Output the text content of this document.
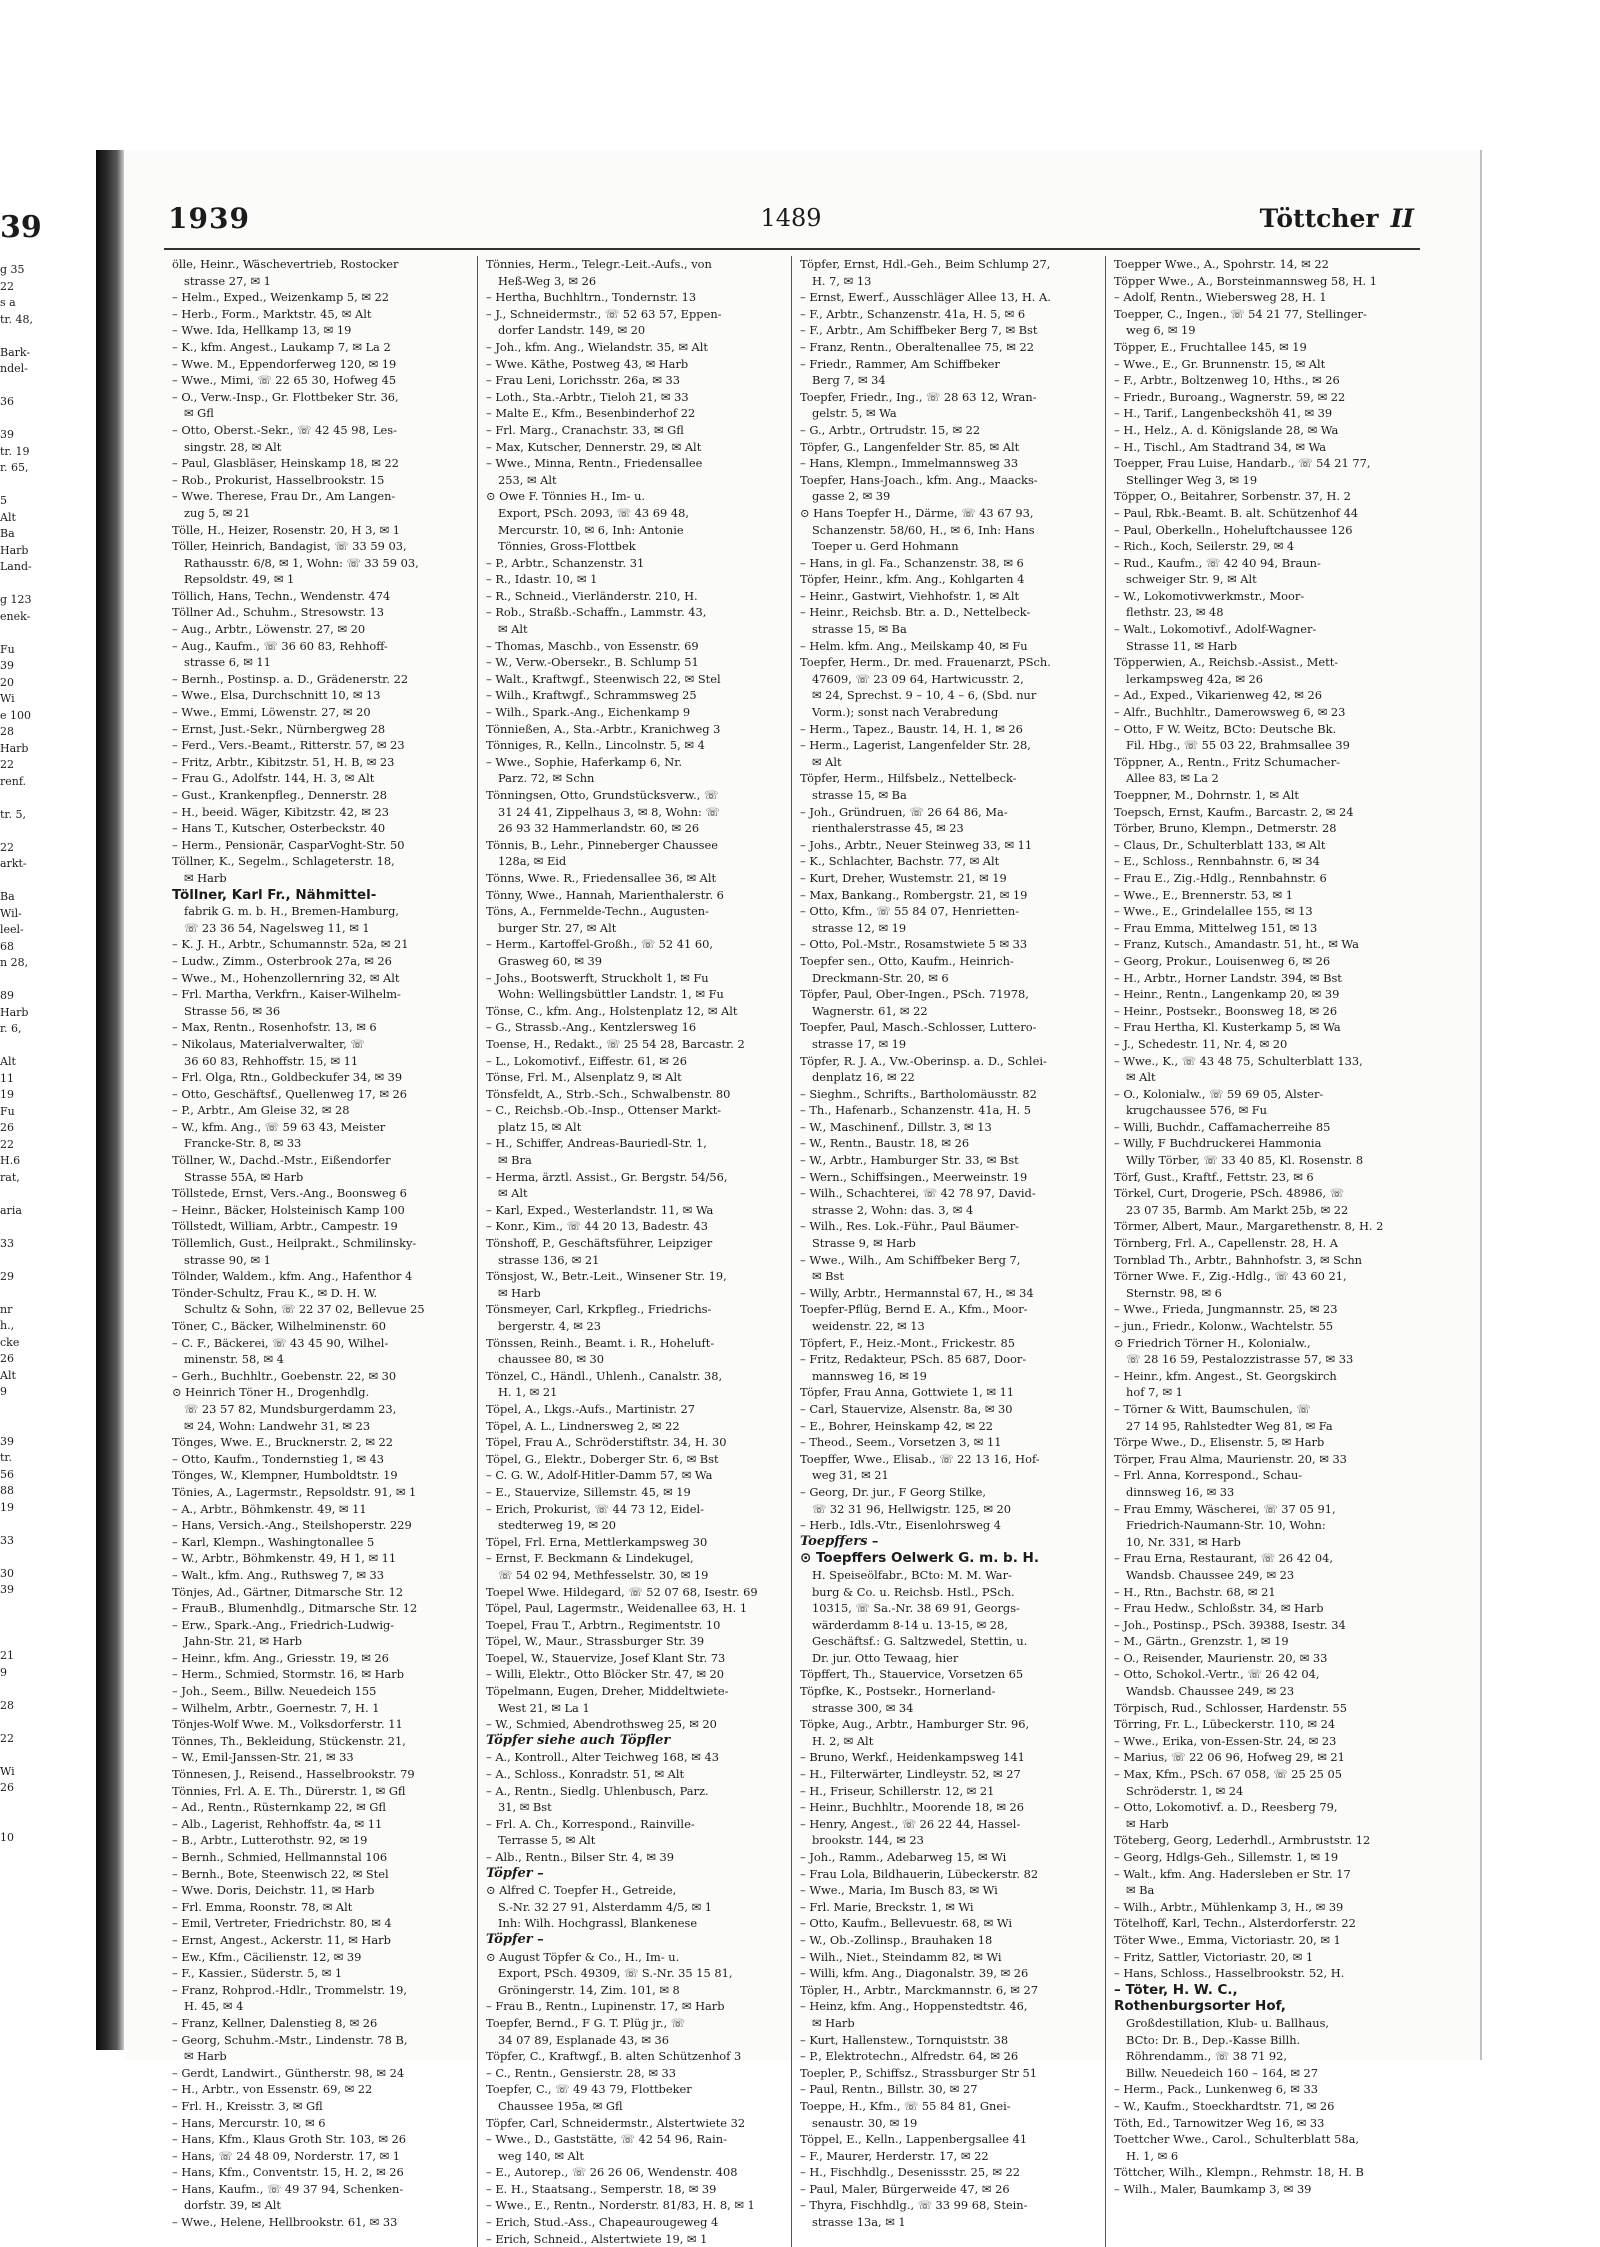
39
g 35
22
s a
tr. 48,
Bark-
ndel-
36
39
tr. 19
r. 65,
5
Alt
Ba
Harb
Land-
g 123
enek-
Fu
39
20
Wi
e 100
28
Harb
22
renf.
tr. 5,
22
arkt-
Ba
Wil-
leel-
68
n 28,
89
Harb
r. 6,
Alt
11
19
Fu
26
22
H.6
rat,
aria
33
29
nr
h.,
cke
26
Alt
9
39
tr.
56
88
19
33
30
39
21
9
28
22
Wi
26
10
1939	1489	Töttcher II
ölle, Heinr., Wäschevertrieb, Rostocker
strasse 27, ✉ 1
– Helm., Exped., Weizenkamp 5, ✉ 22
– Herb., Form., Marktstr. 45, ✉ Alt
– Wwe. Ida, Hellkamp 13, ✉ 19
– K., kfm. Angest., Laukamp 7, ✉ La 2
– Wwe. M., Eppendorferweg 120, ✉ 19
– Wwe., Mimi, ☏ 22 65 30, Hofweg 45
– O., Verw.-Insp., Gr. Flottbeker Str. 36,
✉ Gfl
– Otto, Oberst.-Sekr., ☏ 42 45 98, Les-
singstr. 28, ✉ Alt
– Paul, Glasbläser, Heinskamp 18, ✉ 22
– Rob., Prokurist, Hasselbrookstr. 15
– Wwe. Therese, Frau Dr., Am Langen-
zug 5, ✉ 21
Tölle, H., Heizer, Rosenstr. 20, H 3, ✉ 1
Töller, Heinrich, Bandagist, ☏ 33 59 03,
Rathausstr. 6/8, ✉ 1, Wohn: ☏ 33 59 03,
Repsoldstr. 49, ✉ 1
Töllich, Hans, Techn., Wendenstr. 474
Töllner Ad., Schuhm., Stresowstr. 13
– Aug., Arbtr., Löwenstr. 27, ✉ 20
– Aug., Kaufm., ☏ 36 60 83, Rehhoff-
strasse 6, ✉ 11
– Bernh., Postinsp. a. D., Grädenerstr. 22
– Wwe., Elsa, Durchschnitt 10, ✉ 13
– Wwe., Emmi, Löwenstr. 27, ✉ 20
– Ernst, Just.-Sekr., Nürnbergweg 28
– Ferd., Vers.-Beamt., Ritterstr. 57, ✉ 23
– Fritz, Arbtr., Kibitzstr. 51, H. B, ✉ 23
– Frau G., Adolfstr. 144, H. 3, ✉ Alt
– Gust., Krankenpfleg., Dennerstr. 28
– H., beeid. Wäger, Kibitzstr. 42, ✉ 23
– Hans T., Kutscher, Osterbeckstr. 40
– Herm., Pensionär, CasparVoght-Str. 50
Töllner, K., Segelm., Schlageterstr. 18,
✉ Harb
Töllner, Karl Fr., Nähmittel-
fabrik G. m. b. H., Bremen-Hamburg,
☏ 23 36 54, Nagelsweg 11, ✉ 1
– K. J. H., Arbtr., Schumannstr. 52a, ✉ 21
– Ludw., Zimm., Osterbrook 27a, ✉ 26
– Wwe., M., Hohenzollernring 32, ✉ Alt
– Frl. Martha, Verkfrn., Kaiser-Wilhelm-
Strasse 56, ✉ 36
– Max, Rentn., Rosenhofstr. 13, ✉ 6
– Nikolaus, Materialverwalter, ☏
36 60 83, Rehhoffstr. 15, ✉ 11
– Frl. Olga, Rtn., Goldbeckufer 34, ✉ 39
– Otto, Geschäftsf., Quellenweg 17, ✉ 26
– P., Arbtr., Am Gleise 32, ✉ 28
– W., kfm. Ang., ☏ 59 63 43, Meister
Francke-Str. 8, ✉ 33
Töllner, W., Dachd.-Mstr., Eißendorfer
Strasse 55A, ✉ Harb
Töllstede, Ernst, Vers.-Ang., Boonsweg 6
– Heinr., Bäcker, Holsteinisch Kamp 100
Töllstedt, William, Arbtr., Campestr. 19
Töllemlich, Gust., Heilprakt., Schmilinsky-
strasse 90, ✉ 1
Tölnder, Waldem., kfm. Ang., Hafenthor 4
Tönder-Schultz, Frau K., ✉ D. H. W.
Schultz & Sohn, ☏ 22 37 02, Bellevue 25
Töner, C., Bäcker, Wilhelminenstr. 60
– C. F., Bäckerei, ☏ 43 45 90, Wilhel-
minenstr. 58, ✉ 4
– Gerh., Buchhltr., Goebenstr. 22, ✉ 30
⊙ Heinrich Töner H., Drogenhdlg.
☏ 23 57 82, Mundsburgerdamm 23,
✉ 24, Wohn: Landwehr 31, ✉ 23
Tönges, Wwe. E., Brucknerstr. 2, ✉ 22
– Otto, Kaufm., Tondernstieg 1, ✉ 43
Tönges, W., Klempner, Humboldtstr. 19
Tönies, A., Lagermstr., Repsoldstr. 91, ✉ 1
– A., Arbtr., Böhmkenstr. 49, ✉ 11
– Hans, Versich.-Ang., Steilshoperstr. 229
– Karl, Klempn., Washingtonallee 5
– W., Arbtr., Böhmkenstr. 49, H 1, ✉ 11
– Walt., kfm. Ang., Ruthsweg 7, ✉ 33
Tönjes, Ad., Gärtner, Ditmarsche Str. 12
– FrauB., Blumenhdlg., Ditmarsche Str. 12
– Erw., Spark.-Ang., Friedrich-Ludwig-
Jahn-Str. 21, ✉ Harb
– Heinr., kfm. Ang., Griesstr. 19, ✉ 26
– Herm., Schmied, Stormstr. 16, ✉ Harb
– Joh., Seem., Billw. Neuedeich 155
– Wilhelm, Arbtr., Goernestr. 7, H. 1
Tönjes-Wolf Wwe. M., Volksdorferstr. 11
Tönnes, Th., Bekleidung, Stückenstr. 21,
– W., Emil-Janssen-Str. 21, ✉ 33
Tönnesen, J., Reisend., Hasselbrookstr. 79
Tönnies, Frl. A. E. Th., Dürerstr. 1, ✉ Gfl
– Ad., Rentn., Rüsternkamp 22, ✉ Gfl
– Alb., Lagerist, Rehhoffstr. 4a, ✉ 11
– B., Arbtr., Lutterothstr. 92, ✉ 19
– Bernh., Schmied, Hellmannstal 106
– Bernh., Bote, Steenwisch 22, ✉ Stel
– Wwe. Doris, Deichstr. 11, ✉ Harb
– Frl. Emma, Roonstr. 78, ✉ Alt
– Emil, Vertreter, Friedrichstr. 80, ✉ 4
– Ernst, Angest., Ackerstr. 11, ✉ Harb
– Ew., Kfm., Cäcilienstr. 12, ✉ 39
– F., Kassier., Süderstr. 5, ✉ 1
– Franz, Rohprod.-Hdlr., Trommelstr. 19,
H. 45, ✉ 4
– Franz, Kellner, Dalenstieg 8, ✉ 26
– Georg, Schuhm.-Mstr., Lindenstr. 78 B,
✉ Harb
– Gerdt, Landwirt., Güntherstr. 98, ✉ 24
– H., Arbtr., von Essenstr. 69, ✉ 22
– Frl. H., Kreisstr. 3, ✉ Gfl
– Hans, Mercurstr. 10, ✉ 6
– Hans, Kfm., Klaus Groth Str. 103, ✉ 26
– Hans, ☏ 24 48 09, Norderstr. 17, ✉ 1
– Hans, Kfm., Conventstr. 15, H. 2, ✉ 26
– Hans, Kaufm., ☏ 49 37 94, Schenken-
dorfstr. 39, ✉ Alt
– Wwe., Helene, Hellbrookstr. 61, ✉ 33
Tönnies, Herm., Telegr.-Leit.-Aufs., von
Heß-Weg 3, ✉ 26
– Hertha, Buchhltrn., Tondernstr. 13
– J., Schneidermstr., ☏ 52 63 57, Eppen-
dorfer Landstr. 149, ✉ 20
– Joh., kfm. Ang., Wielandstr. 35, ✉ Alt
– Wwe. Käthe, Postweg 43, ✉ Harb
– Frau Leni, Lorichsstr. 26a, ✉ 33
– Loth., Sta.-Arbtr., Tieloh 21, ✉ 33
– Malte E., Kfm., Besenbinderhof 22
– Frl. Marg., Cranachstr. 33, ✉ Gfl
– Max, Kutscher, Dennerstr. 29, ✉ Alt
– Wwe., Minna, Rentn., Friedensallee
253, ✉ Alt
⊙ Owe F. Tönnies H., Im- u.
Export, PSch. 2093, ☏ 43 69 48,
Mercurstr. 10, ✉ 6, Inh: Antonie
Tönnies, Gross-Flottbek
– P., Arbtr., Schanzenstr. 31
– R., Idastr. 10, ✉ 1
– R., Schneid., Vierländerstr. 210, H.
– Rob., Straßb.-Schaffn., Lammstr. 43,
✉ Alt
– Thomas, Maschb., von Essenstr. 69
– W., Verw.-Obersekr., B. Schlump 51
– Walt., Kraftwgf., Steenwisch 22, ✉ Stel
– Wilh., Kraftwgf., Schrammsweg 25
– Wilh., Spark.-Ang., Eichenkamp 9
Tönnießen, A., Sta.-Arbtr., Kranichweg 3
Tönniges, R., Kelln., Lincolnstr. 5, ✉ 4
– Wwe., Sophie, Haferkamp 6, Nr.
Parz. 72, ✉ Schn
Tönningsen, Otto, Grundstücksverw., ☏
31 24 41, Zippelhaus 3, ✉ 8, Wohn: ☏
26 93 32 Hammerlandstr. 60, ✉ 26
Tönnis, B., Lehr., Pinneberger Chaussee
128a, ✉ Eid
Tönns, Wwe. R., Friedensallee 36, ✉ Alt
Tönny, Wwe., Hannah, Marienthalerstr. 6
Töns, A., Fernmelde-Techn., Augusten-
burger Str. 27, ✉ Alt
– Herm., Kartoffel-Großh., ☏ 52 41 60,
Grasweg 60, ✉ 39
– Johs., Bootswerft, Struckholt 1, ✉ Fu
Wohn: Wellingsbüttler Landstr. 1, ✉ Fu
Tönse, C., kfm. Ang., Holstenplatz 12, ✉ Alt
– G., Strassb.-Ang., Kentzlersweg 16
Toense, H., Redakt., ☏ 25 54 28, Barcastr. 2
– L., Lokomotivf., Eiffestr. 61, ✉ 26
Tönse, Frl. M., Alsenplatz 9, ✉ Alt
Tönsfeldt, A., Strb.-Sch., Schwalbenstr. 80
– C., Reichsb.-Ob.-Insp., Ottenser Markt-
platz 15, ✉ Alt
– H., Schiffer, Andreas-Bauriedl-Str. 1,
✉ Bra
– Herma, ärztl. Assist., Gr. Bergstr. 54/56,
✉ Alt
– Karl, Exped., Westerlandstr. 11, ✉ Wa
– Konr., Kim., ☏ 44 20 13, Badestr. 43
Tönshoff, P., Geschäftsführer, Leipziger
strasse 136, ✉ 21
Tönsjost, W., Betr.-Leit., Winsener Str. 19,
✉ Harb
Tönsmeyer, Carl, Krkpfleg., Friedrichs-
bergerstr. 4, ✉ 23
Tönssen, Reinh., Beamt. i. R., Hoheluft-
chaussee 80, ✉ 30
Tönzel, C., Händl., Uhlenh., Canalstr. 38,
H. 1, ✉ 21
Töpel, A., Lkgs.-Aufs., Martinistr. 27
Töpel, A. L., Lindnersweg 2, ✉ 22
Töpel, Frau A., Schröderstiftstr. 34, H. 30
Töpel, G., Elektr., Doberger Str. 6, ✉ Bst
– C. G. W., Adolf-Hitler-Damm 57, ✉ Wa
– E., Stauervize, Sillemstr. 45, ✉ 19
– Erich, Prokurist, ☏ 44 73 12, Eidel-
stedterweg 19, ✉ 20
Töpel, Frl. Erna, Mettlerkampsweg 30
– Ernst, F. Beckmann & Lindekugel,
☏ 54 02 94, Methfesselstr. 30, ✉ 19
Toepel Wwe. Hildegard, ☏ 52 07 68, Isestr. 69
Töpel, Paul, Lagermstr., Weidenallee 63, H. 1
Toepel, Frau T., Arbtrn., Regimentstr. 10
Töpel, W., Maur., Strassburger Str. 39
Toepel, W., Stauervize, Josef Klant Str. 73
– Willi, Elektr., Otto Blöcker Str. 47, ✉ 20
Töpelmann, Eugen, Dreher, Middeltwiete-
West 21, ✉ La 1
– W., Schmied, Abendrothsweg 25, ✉ 20
Töpfer siehe auch Töpfler
– A., Kontroll., Alter Teichweg 168, ✉ 43
– A., Schloss., Konradstr. 51, ✉ Alt
– A., Rentn., Siedlg. Uhlenbusch, Parz.
31, ✉ Bst
– Frl. A. Ch., Korrespond., Rainville-
Terrasse 5, ✉ Alt
– Alb., Rentn., Bilser Str. 4, ✉ 39
Töpfer –
⊙ Alfred C. Toepfer H., Getreide,
S.-Nr. 32 27 91, Alsterdamm 4/5, ✉ 1
Inh: Wilh. Hochgrassl, Blankenese
Töpfer –
⊙ August Töpfer & Co., H., Im- u.
Export, PSch. 49309, ☏ S.-Nr. 35 15 81,
Gröningerstr. 14, Zim. 101, ✉ 8
– Frau B., Rentn., Lupinenstr. 17, ✉ Harb
Toepfer, Bernd., F G. T. Plüg jr., ☏
34 07 89, Esplanade 43, ✉ 36
Töpfer, C., Kraftwgf., B. alten Schützenhof 3
– C., Rentn., Gensierstr. 28, ✉ 33
Toepfer, C., ☏ 49 43 79, Flottbeker
Chaussee 195a, ✉ Gfl
Töpfer, Carl, Schneidermstr., Alstertwiete 32
– Wwe., D., Gaststätte, ☏ 42 54 96, Rain-
weg 140, ✉ Alt
– E., Autorep., ☏ 26 26 06, Wendenstr. 408
– E. H., Staatsang., Semperstr. 18, ✉ 39
– Wwe., E., Rentn., Norderstr. 81/83, H. 8, ✉ 1
– Erich, Stud.-Ass., Chapeaurougeweg 4
– Erich, Schneid., Alstertwiete 19, ✉ 1
Töpfer, Ernst, Hdl.-Geh., Beim Schlump 27,
H. 7, ✉ 13
– Ernst, Ewerf., Ausschläger Allee 13, H. A.
– F., Arbtr., Schanzenstr. 41a, H. 5, ✉ 6
– F., Arbtr., Am Schiffbeker Berg 7, ✉ Bst
– Franz, Rentn., Oberaltenallee 75, ✉ 22
– Friedr., Rammer, Am Schiffbeker
Berg 7, ✉ 34
Toepfer, Friedr., Ing., ☏ 28 63 12, Wran-
gelstr. 5, ✉ Wa
– G., Arbtr., Ortrudstr. 15, ✉ 22
Töpfer, G., Langenfelder Str. 85, ✉ Alt
– Hans, Klempn., Immelmannsweg 33
Toepfer, Hans-Joach., kfm. Ang., Maacks-
gasse 2, ✉ 39
⊙ Hans Toepfer H., Därme, ☏ 43 67 93,
Schanzenstr. 58/60, H., ✉ 6, Inh: Hans
Toeper u. Gerd Hohmann
– Hans, in gl. Fa., Schanzenstr. 38, ✉ 6
Töpfer, Heinr., kfm. Ang., Kohlgarten 4
– Heinr., Gastwirt, Viehhofstr. 1, ✉ Alt
– Heinr., Reichsb. Btr. a. D., Nettelbeck-
strasse 15, ✉ Ba
– Helm. kfm. Ang., Meilskamp 40, ✉ Fu
Toepfer, Herm., Dr. med. Frauenarzt, PSch.
47609, ☏ 23 09 64, Hartwicusstr. 2,
✉ 24, Sprechst. 9 – 10, 4 – 6, (Sbd. nur
Vorm.); sonst nach Verabredung
– Herm., Tapez., Baustr. 14, H. 1, ✉ 26
– Herm., Lagerist, Langenfelder Str. 28,
✉ Alt
Töpfer, Herm., Hilfsbelz., Nettelbeck-
strasse 15, ✉ Ba
– Joh., Gründruen, ☏ 26 64 86, Ma-
rienthalerstrasse 45, ✉ 23
– Johs., Arbtr., Neuer Steinweg 33, ✉ 11
– K., Schlachter, Bachstr. 77, ✉ Alt
– Kurt, Dreher, Wustemstr. 21, ✉ 19
– Max, Bankang., Rombergstr. 21, ✉ 19
– Otto, Kfm., ☏ 55 84 07, Henrietten-
strasse 12, ✉ 19
– Otto, Pol.-Mstr., Rosamstwiete 5 ✉ 33
Toepfer sen., Otto, Kaufm., Heinrich-
Dreckmann-Str. 20, ✉ 6
Töpfer, Paul, Ober-Ingen., PSch. 71978,
Wagnerstr. 61, ✉ 22
Toepfer, Paul, Masch.-Schlosser, Luttero-
strasse 17, ✉ 19
Töpfer, R. J. A., Vw.-Oberinsp. a. D., Schlei-
denplatz 16, ✉ 22
– Sieghm., Schrifts., Bartholomäusstr. 82
– Th., Hafenarb., Schanzenstr. 41a, H. 5
– W., Maschinenf., Dillstr. 3, ✉ 13
– W., Rentn., Baustr. 18, ✉ 26
– W., Arbtr., Hamburger Str. 33, ✉ Bst
– Wern., Schiffsingen., Meerweinstr. 19
– Wilh., Schachterei, ☏ 42 78 97, David-
strasse 2, Wohn: das. 3, ✉ 4
– Wilh., Res. Lok.-Führ., Paul Bäumer-
Strasse 9, ✉ Harb
– Wwe., Wilh., Am Schiffbeker Berg 7,
✉ Bst
– Willy, Arbtr., Hermannstal 67, H., ✉ 34
Toepfer-Pflüg, Bernd E. A., Kfm., Moor-
weidenstr. 22, ✉ 13
Töpfert, F., Heiz.-Mont., Frickestr. 85
– Fritz, Redakteur, PSch. 85 687, Door-
mannsweg 16, ✉ 19
Töpfer, Frau Anna, Gottwiete 1, ✉ 11
– Carl, Stauervize, Alsenstr. 8a, ✉ 30
– E., Bohrer, Heinskamp 42, ✉ 22
– Theod., Seem., Vorsetzen 3, ✉ 11
Toepffer, Wwe., Elisab., ☏ 22 13 16, Hof-
weg 31, ✉ 21
– Georg, Dr. jur., F Georg Stilke,
☏ 32 31 96, Hellwigstr. 125, ✉ 20
– Herb., Idls.-Vtr., Eisenlohrsweg 4
Toepffers –
⊙ Toepffers Oelwerk G. m. b. H.
H. Speiseölfabr., BCto: M. M. War-
burg & Co. u. Reichsb. Hstl., PSch.
10315, ☏ Sa.-Nr. 38 69 91, Georgs-
wärderdamm 8-14 u. 13-15, ✉ 28,
Geschäftsf.: G. Saltzwedel, Stettin, u.
Dr. jur. Otto Tewaag, hier
Töpffert, Th., Stauervice, Vorsetzen 65
Töpfke, K., Postsekr., Hornerland-
strasse 300, ✉ 34
Töpke, Aug., Arbtr., Hamburger Str. 96,
H. 2, ✉ Alt
– Bruno, Werkf., Heidenkampsweg 141
– H., Filterwärter, Lindleystr. 52, ✉ 27
– H., Friseur, Schillerstr. 12, ✉ 21
– Heinr., Buchhltr., Moorende 18, ✉ 26
– Henry, Angest., ☏ 26 22 44, Hassel-
brookstr. 144, ✉ 23
– Joh., Ramm., Adebarweg 15, ✉ Wi
– Frau Lola, Bildhauerin, Lübeckerstr. 82
– Wwe., Maria, Im Busch 83, ✉ Wi
– Frl. Marie, Breckstr. 1, ✉ Wi
– Otto, Kaufm., Bellevuestr. 68, ✉ Wi
– W., Ob.-Zollinsp., Brauhaken 18
– Wilh., Niet., Steindamm 82, ✉ Wi
– Willi, kfm. Ang., Diagonalstr. 39, ✉ 26
Töpler, H., Arbtr., Marckmannstr. 6, ✉ 27
– Heinz, kfm. Ang., Hoppenstedtstr. 46,
✉ Harb
– Kurt, Hallenstew., Tornquiststr. 38
– P., Elektrotechn., Alfredstr. 64, ✉ 26
Toepler, P., Schiffsz., Strassburger Str 51
– Paul, Rentn., Billstr. 30, ✉ 27
Toeppe, H., Kfm., ☏ 55 84 81, Gnei-
senaustr. 30, ✉ 19
Töppel, E., Kelln., Lappenbergsallee 41
– F., Maurer, Herderstr. 17, ✉ 22
– H., Fischhdlg., Desenissstr. 25, ✉ 22
– Paul, Maler, Bürgerweide 47, ✉ 26
– Thyra, Fischhdlg., ☏ 33 99 68, Stein-
strasse 13a, ✉ 1
Toepper Wwe., A., Spohrstr. 14, ✉ 22
Töpper Wwe., A., Borsteinmannsweg 58, H. 1
– Adolf, Rentn., Wiebersweg 28, H. 1
Toepper, C., Ingen., ☏ 54 21 77, Stellinger-
weg 6, ✉ 19
Töpper, E., Fruchtallee 145, ✉ 19
– Wwe., E., Gr. Brunnenstr. 15, ✉ Alt
– F., Arbtr., Boltzenweg 10, Hths., ✉ 26
– Friedr., Buroang., Wagnerstr. 59, ✉ 22
– H., Tarif., Langenbeckshöh 41, ✉ 39
– H., Helz., A. d. Königslande 28, ✉ Wa
– H., Tischl., Am Stadtrand 34, ✉ Wa
Toepper, Frau Luise, Handarb., ☏ 54 21 77,
Stellinger Weg 3, ✉ 19
Töpper, O., Beitahrer, Sorbenstr. 37, H. 2
– Paul, Rbk.-Beamt. B. alt. Schützenhof 44
– Paul, Oberkelln., Hoheluftchaussee 126
– Rich., Koch, Seilerstr. 29, ✉ 4
– Rud., Kaufm., ☏ 42 40 94, Braun-
schweiger Str. 9, ✉ Alt
– W., Lokomotivwerkmstr., Moor-
flethstr. 23, ✉ 48
– Walt., Lokomotivf., Adolf-Wagner-
Strasse 11, ✉ Harb
Töpperwien, A., Reichsb.-Assist., Mett-
lerkampsweg 42a, ✉ 26
– Ad., Exped., Vikarienweg 42, ✉ 26
– Alfr., Buchhltr., Damerowsweg 6, ✉ 23
– Otto, F W. Weitz, BCto: Deutsche Bk.
Fil. Hbg., ☏ 55 03 22, Brahmsallee 39
Töppner, A., Rentn., Fritz Schumacher-
Allee 83, ✉ La 2
Toeppner, M., Dohrnstr. 1, ✉ Alt
Toepsch, Ernst, Kaufm., Barcastr. 2, ✉ 24
Törber, Bruno, Klempn., Detmerstr. 28
– Claus, Dr., Schulterblatt 133, ✉ Alt
– E., Schloss., Rennbahnstr. 6, ✉ 34
– Frau E., Zig.-Hdlg., Rennbahnstr. 6
– Wwe., E., Brennerstr. 53, ✉ 1
– Wwe., E., Grindelallee 155, ✉ 13
– Frau Emma, Mittelweg 151, ✉ 13
– Franz, Kutsch., Amandastr. 51, ht., ✉ Wa
– Georg, Prokur., Louisenweg 6, ✉ 26
– H., Arbtr., Horner Landstr. 394, ✉ Bst
– Heinr., Rentn., Langenkamp 20, ✉ 39
– Heinr., Postsekr., Boonsweg 18, ✉ 26
– Frau Hertha, Kl. Kusterkamp 5, ✉ Wa
– J., Schedestr. 11, Nr. 4, ✉ 20
– Wwe., K., ☏ 43 48 75, Schulterblatt 133,
✉ Alt
– O., Kolonialw., ☏ 59 69 05, Alster-
krugchaussee 576, ✉ Fu
– Willi, Buchdr., Caffamacherreihe 85
– Willy, F Buchdruckerei Hammonia
Willy Törber, ☏ 33 40 85, Kl. Rosenstr. 8
Törf, Gust., Kraftf., Fettstr. 23, ✉ 6
Törkel, Curt, Drogerie, PSch. 48986, ☏
23 07 35, Barmb. Am Markt 25b, ✉ 22
Törmer, Albert, Maur., Margarethenstr. 8, H. 2
Törnberg, Frl. A., Capellenstr. 28, H. A
Tornblad Th., Arbtr., Bahnhofstr. 3, ✉ Schn
Törner Wwe. F., Zig.-Hdlg., ☏ 43 60 21,
Sternstr. 98, ✉ 6
– Wwe., Frieda, Jungmannstr. 25, ✉ 23
– jun., Friedr., Kolonw., Wachtelstr. 55
⊙ Friedrich Törner H., Kolonialw.,
☏ 28 16 59, Pestalozzistrasse 57, ✉ 33
– Heinr., kfm. Angest., St. Georgskirch
hof 7, ✉ 1
– Törner & Witt, Baumschulen, ☏
27 14 95, Rahlstedter Weg 81, ✉ Fa
Törpe Wwe., D., Elisenstr. 5, ✉ Harb
Törper, Frau Alma, Maurienstr. 20, ✉ 33
– Frl. Anna, Korrespond., Schau-
dinnsweg 16, ✉ 33
– Frau Emmy, Wäscherei, ☏ 37 05 91,
Friedrich-Naumann-Str. 10, Wohn:
10, Nr. 331, ✉ Harb
– Frau Erna, Restaurant, ☏ 26 42 04,
Wandsb. Chaussee 249, ✉ 23
– H., Rtn., Bachstr. 68, ✉ 21
– Frau Hedw., Schloßstr. 34, ✉ Harb
– Joh., Postinsp., PSch. 39388, Isestr. 34
– M., Gärtn., Grenzstr. 1, ✉ 19
– O., Reisender, Maurienstr. 20, ✉ 33
– Otto, Schokol.-Vertr., ☏ 26 42 04,
Wandsb. Chaussee 249, ✉ 23
Törpisch, Rud., Schlosser, Hardenstr. 55
Törring, Fr. L., Lübeckerstr. 110, ✉ 24
– Wwe., Erika, von-Essen-Str. 24, ✉ 23
– Marius, ☏ 22 06 96, Hofweg 29, ✉ 21
– Max, Kfm., PSch. 67 058, ☏ 25 25 05
Schröderstr. 1, ✉ 24
– Otto, Lokomotivf. a. D., Reesberg 79,
✉ Harb
Töteberg, Georg, Lederhdl., Armbruststr. 12
– Georg, Hdlgs-Geh., Sillemstr. 1, ✉ 19
– Walt., kfm. Ang. Hadersleben er Str. 17
✉ Ba
– Wilh., Arbtr., Mühlenkamp 3, H., ✉ 39
Tötelhoff, Karl, Techn., Alsterdorferstr. 22
Töter Wwe., Emma, Victoriastr. 20, ✉ 1
– Fritz, Sattler, Victoriastr. 20, ✉ 1
– Hans, Schloss., Hasselbrookstr. 52, H.
– Töter, H. W. C.,
Rothenburgsorter Hof,
Großdestillation, Klub- u. Ballhaus,
BCto: Dr. B., Dep.-Kasse Billh.
Röhrendamm., ☏ 38 71 92,
Billw. Neuedeich 160 – 164, ✉ 27
– Herm., Pack., Lunkenweg 6, ✉ 33
– W., Kaufm., Stoeckhardtstr. 71, ✉ 26
Töth, Ed., Tarnowitzer Weg 16, ✉ 33
Toettcher Wwe., Carol., Schulterblatt 58a,
H. 1, ✉ 6
Töttcher, Wilh., Klempn., Rehmstr. 18, H. B
– Wilh., Maler, Baumkamp 3, ✉ 39
